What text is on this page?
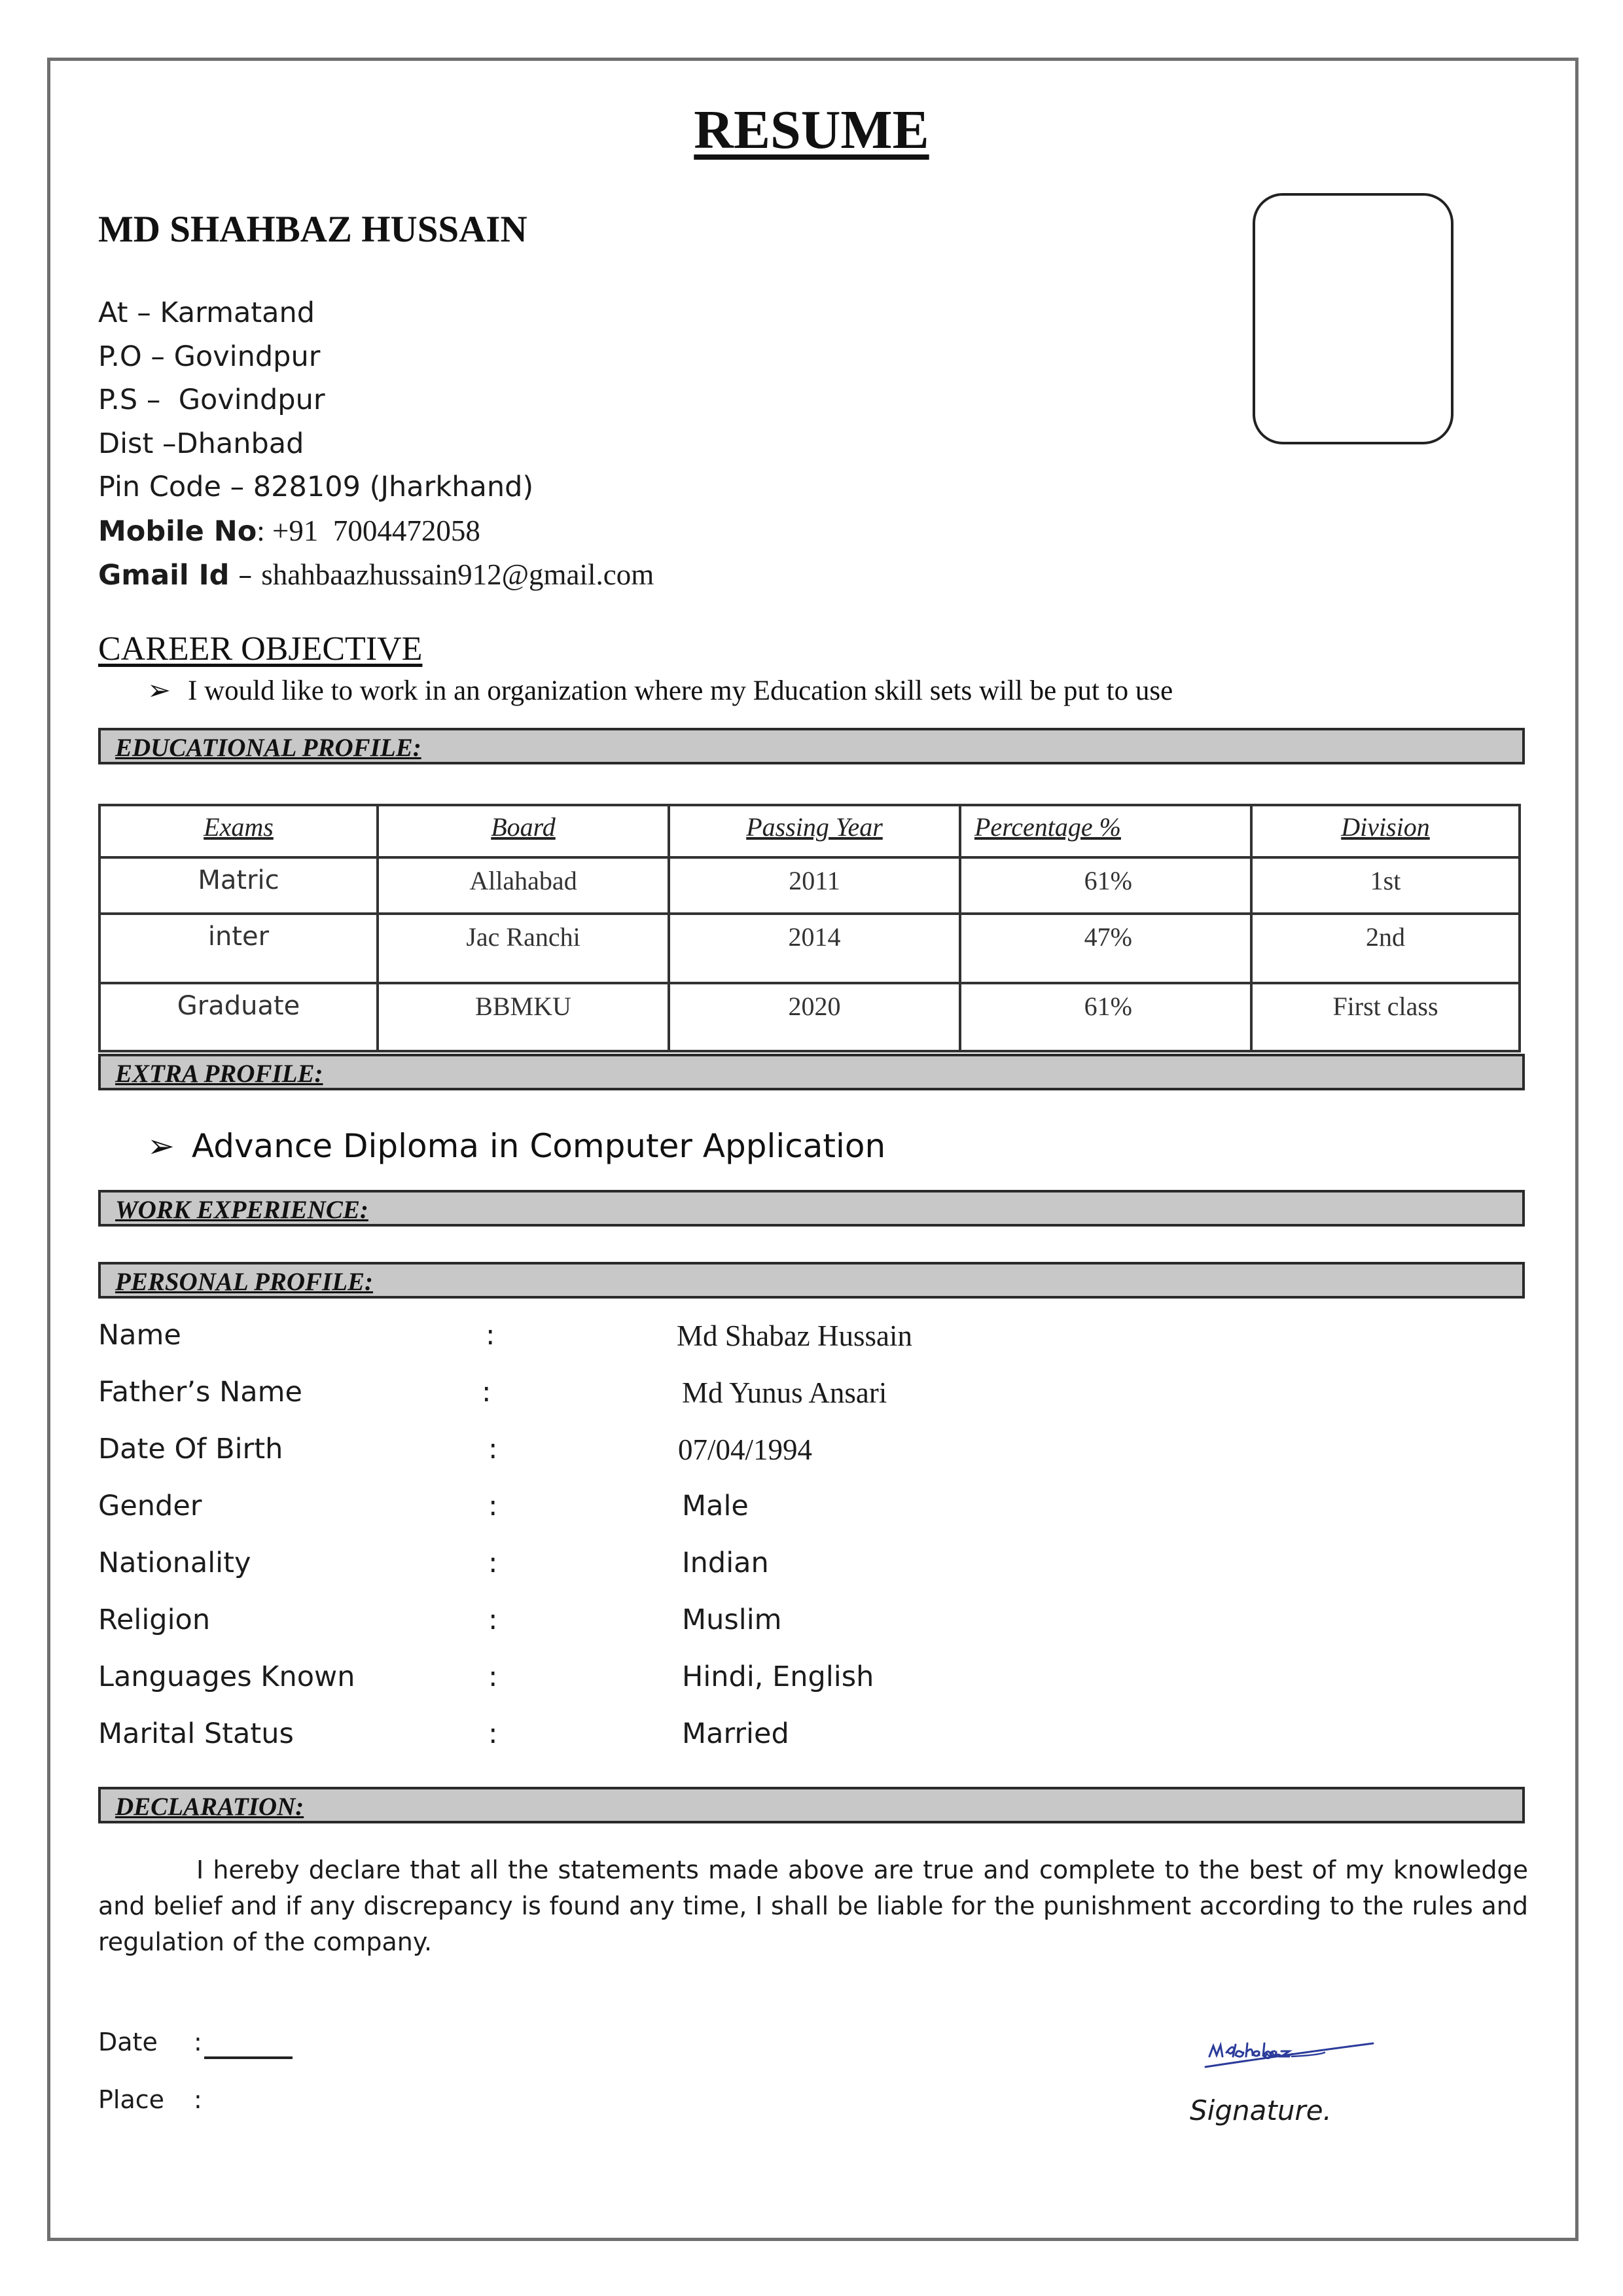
RESUME
MD SHAHBAZ HUSSAIN
At – Karmatand
P.O – Govindpur
P.S –  Govindpur
Dist –Dhanbad
Pin Code – 828109 (Jharkhand)
Mobile No: +91  7004472058
Gmail Id – shahbaazhussain912@gmail.com
CAREER OBJECTIVE
➢ I would like to work in an organization where my Education skill sets will be put to use
EDUCATIONAL PROFILE:
Exams	Board	Passing Year	Percentage %	Division
Matric	Allahabad	2011	61%	1st
inter	Jac Ranchi	2014	47%	2nd
Graduate	BBMKU	2020	61%	First class
EXTRA PROFILE:
➢ Advance Diploma in Computer Application
WORK EXPERIENCE:
PERSONAL PROFILE:
Name	:	Md Shabaz Hussain
Father’s Name	:	Md Yunus Ansari
Date Of Birth	:	07/04/1994
Gender	:	Male
Nationality	:	Indian
Religion	:	Muslim
Languages Known	:	Hindi, English
Marital Status	:	Married
DECLARATION:
I hereby declare that all the statements made above are true and complete to the best of my knowledge and belief and if any discrepancy is found any time, I shall be liable for the punishment according to the rules and regulation of the company.
Date :
Place :	Signature.
